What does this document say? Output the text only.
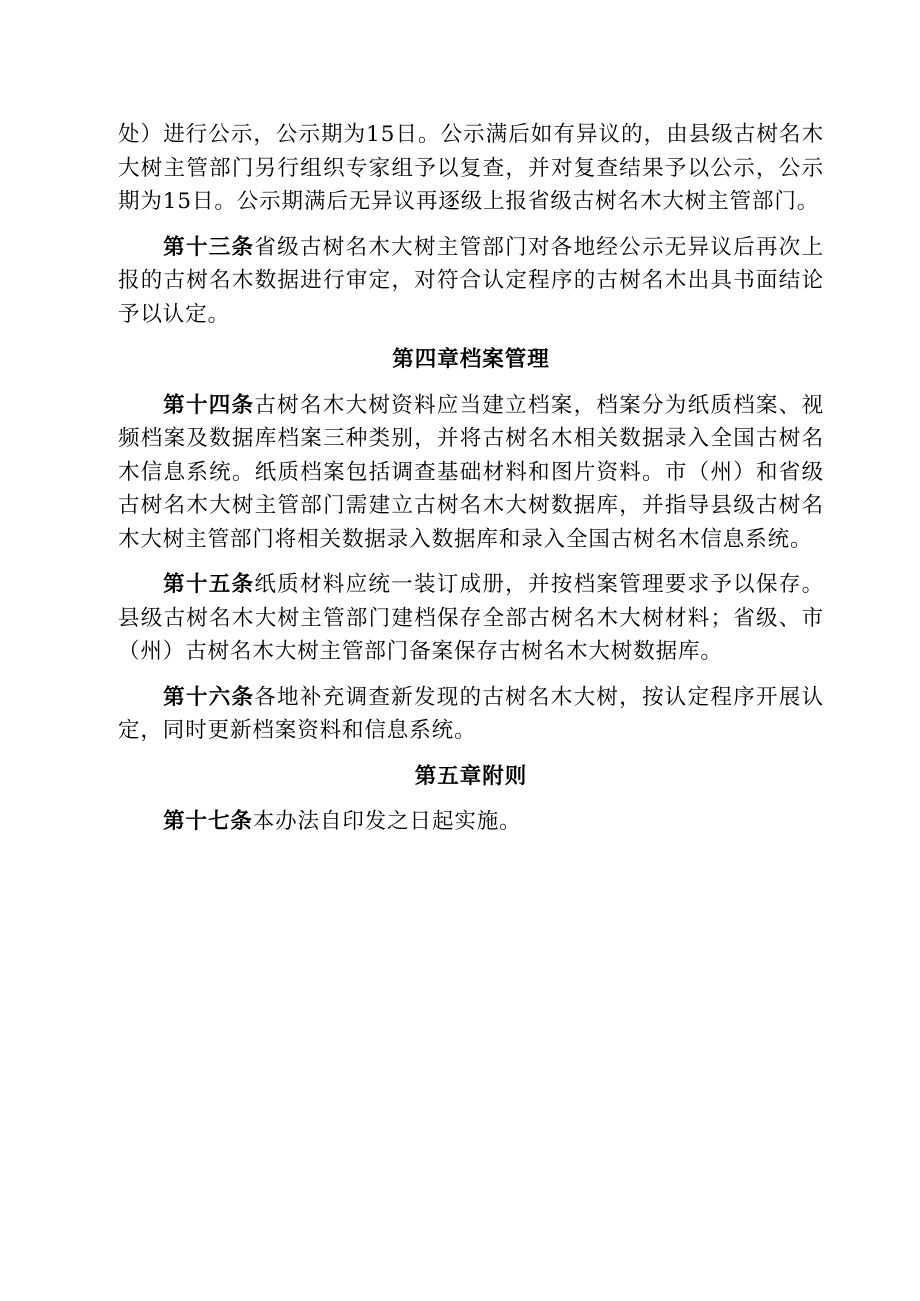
处）进行公示，公示期为15日。公示满后如有异议的，由县级古树名木大树主管部门另行组织专家组予以复查，并对复查结果予以公示，公示期为15日。公示期满后无异议再逐级上报省级古树名木大树主管部门。

第十三条省级古树名木大树主管部门对各地经公示无异议后再次上报的古树名木数据进行审定，对符合认定程序的古树名木出具书面结论予以认定。

第四章档案管理

第十四条古树名木大树资料应当建立档案，档案分为纸质档案、视频档案及数据库档案三种类别，并将古树名木相关数据录入全国古树名木信息系统。纸质档案包括调查基础材料和图片资料。市（州）和省级古树名木大树主管部门需建立古树名木大树数据库，并指导县级古树名木大树主管部门将相关数据录入数据库和录入全国古树名木信息系统。

第十五条纸质材料应统一装订成册，并按档案管理要求予以保存。县级古树名木大树主管部门建档保存全部古树名木大树材料；省级、市（州）古树名木大树主管部门备案保存古树名木大树数据库。

第十六条各地补充调查新发现的古树名木大树，按认定程序开展认定，同时更新档案资料和信息系统。

第五章附则

第十七条本办法自印发之日起实施。
